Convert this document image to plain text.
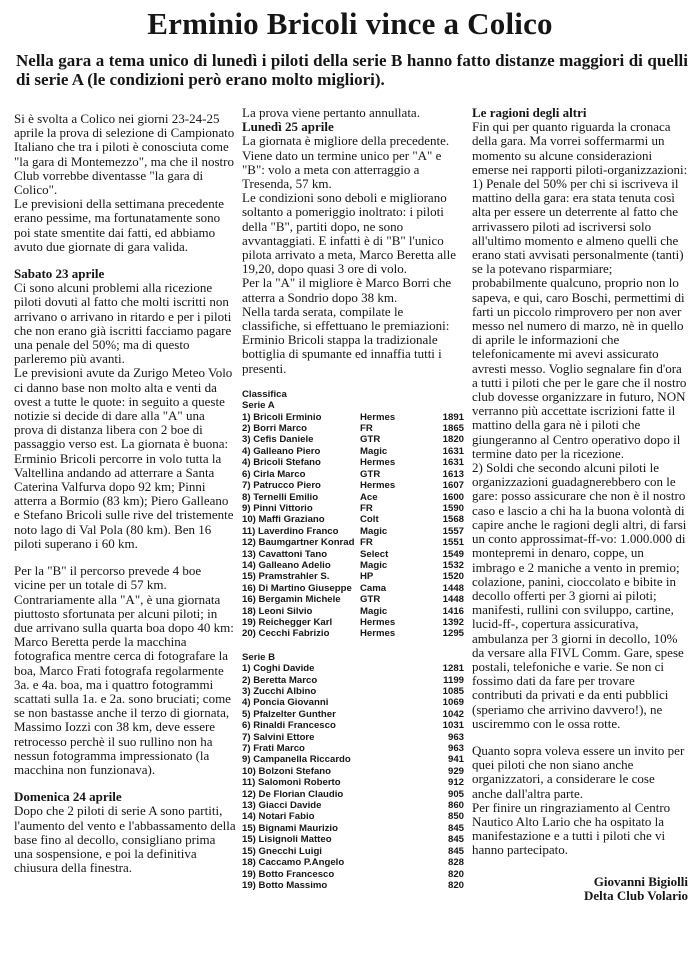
Erminio Bricoli vince a Colico
Nella gara a tema unico di lunedì i piloti della serie B hanno fatto distanze maggiori di quelli di serie A (le condizioni però erano molto migliori).

Si è svolta a Colico nei giorni 23-24-25 aprile la prova di selezione di Campionato Italiano che tra i piloti è conosciuta come "la gara di Montemezzo", ma che il nostro Club vorrebbe diventasse "la gara di Colico".

Le previsioni della settimana precedente erano pessime, ma fortunatamente sono poi state smentite dai fatti, ed abbiamo avuto due giornate di gara valida.

Sabato 23 aprile

Ci sono alcuni problemi alla ricezione piloti dovuti al fatto che molti iscritti non arrivano o arrivano in ritardo e per i piloti che non erano già iscritti facciamo pagare una penale del 50%; ma di questo parleremo più avanti.

Le previsioni avute da Zurigo Meteo Volo ci danno base non molto alta e venti da ovest a tutte le quote: in seguito a queste notizie si decide di dare alla "A" una prova di distanza libera con 2 boe di passaggio verso est. La giornata è buona: Erminio Bricoli percorre in volo tutta la Valtellina andando ad atterrare a Santa Caterina Valfurva dopo 92 km; Pinni atterra a Bormio (83 km); Piero Galleano e Stefano Bricoli sulle rive del tristemente noto lago di Val Pola (80 km). Ben 16 piloti superano i 60 km.

Per la "B" il percorso prevede 4 boe vicine per un totale di 57 km. Contrariamente alla "A", è una giornata piuttosto sfortunata per alcuni piloti; in due arrivano sulla quarta boa dopo 40 km: Marco Beretta perde la macchina fotografica mentre cerca di fotografare la boa, Marco Frati fotografa regolarmente 3a. e 4a. boa, ma i quattro fotogrammi scattati sulla 1a. e 2a. sono bruciati; come se non bastasse anche il terzo di giornata, Massimo Iozzi con 38 km, deve essere retrocesso perchè il suo rullino non ha nessun fotogramma impressionato (la macchina non funzionava).

Domenica 24 aprile

Dopo che 2 piloti di serie A sono partiti, l'aumento del vento e l'abbassamento della base fino al decollo, consigliano prima una sospensione, e poi la definitiva chiusura della finestra.

La prova viene pertanto annullata.

Lunedì 25 aprile

La giornata è migliore della precedente.

Viene dato un termine unico per "A" e "B": volo a meta con atterraggio a Tresenda, 57 km.

Le condizioni sono deboli e migliorano soltanto a pomeriggio inoltrato: i piloti della "B", partiti dopo, ne sono avvantaggiati. E infatti è di "B" l'unico pilota arrivato a meta, Marco Beretta alle 19,20, dopo quasi 3 ore di volo.

Per la "A" il migliore è Marco Borri che atterra a Sondrio dopo 38 km.

Nella tarda serata, compilate le classifiche, si effettuano le premiazioni: Erminio Bricoli stappa la tradizionale bottiglia di spumante ed innaffia tutti i presenti.

Classifica
Serie A
1) Bricoli Erminio	Hermes	1891
2) Borri Marco	FR	1865
3) Cefis Daniele	GTR	1820
4) Galleano Piero	Magic	1631
4) Bricoli Stefano	Hermes	1631
6) Cirla Marco	GTR	1613
7) Patrucco Piero	Hermes	1607
8) Ternelli Emilio	Ace	1600
9) Pinni Vittorio	FR	1590
10) Maffi Graziano	Colt	1568
11) Laverdino Franco	Magic	1557
12) Baumgartner Konrad	FR	1551
13) Cavattoni Tano	Select	1549
14) Galleano Adelio	Magic	1532
15) Pramstrahler S.	HP	1520
16) Di Martino Giuseppe	Cama	1448
16) Bergamin Michele	GTR	1448
18) Leoni Silvio	Magic	1416
19) Reichegger Karl	Hermes	1392
20) Cecchi Fabrizio	Hermes	1295
Serie B
1) Coghi Davide		1281
2) Beretta Marco		1199
3) Zucchi Albino		1085
4) Poncia Giovanni		1069
5) Pfalzelter Gunther		1042
6) Rinaldi Francesco		1031
7) Salvini Ettore		963
7) Frati Marco		963
9) Campanella Riccardo		941
10) Bolzoni Stefano		929
11) Salomoni Roberto		912
12) De Florian Claudio		905
13) Giacci Davide		860
14) Notari Fabio		850
15) Bignami Maurizio		845
15) Lisignoli Matteo		845
15) Gnecchi Luigi		845
18) Caccamo P.Angelo		828
19) Botto Francesco		820
19) Botto Massimo		820

Le ragioni degli altri

Fin qui per quanto riguarda la cronaca della gara. Ma vorrei soffermarmi un momento su alcune considerazioni emerse nei rapporti piloti-organizzazioni:

1) Penale del 50% per chi si iscriveva il mattino della gara: era stata tenuta così alta per essere un deterrente al fatto che arrivassero piloti ad iscriversi solo all'ultimo momento e almeno quelli che erano stati avvisati personalmente (tanti) se la potevano risparmiare; probabilmente qualcuno, proprio non lo sapeva, e qui, caro Boschi, permettimi di farti un piccolo rimprovero per non aver messo nel numero di marzo, nè in quello di aprile le informazioni che telefonicamente mi avevi assicurato avresti messo. Voglio segnalare fin d'ora a tutti i piloti che per le gare che il nostro club dovesse organizzare in futuro, NON verranno più accettate iscrizioni fatte il mattino della gara nè i piloti che giungeranno al Centro operativo dopo il termine dato per la ricezione.

2) Soldi che secondo alcuni piloti le organizzazioni guadagnerebbero con le gare: posso assicurare che non è il nostro caso e lascio a chi ha la buona volontà di capire anche le ragioni degli altri, di farsi un conto approssimat-ff-vo: 1.000.000 di montepremi in denaro, coppe, un imbrago e 2 maniche a vento in premio; colazione, panini, cioccolato e bibite in decollo offerti per 3 giorni ai piloti; manifesti, rullini con sviluppo, cartine, lucid-ff-, copertura assicurativa, ambulanza per 3 giorni in decollo, 10% da versare alla FIVL Comm. Gare, spese postali, telefoniche e varie. Se non ci fossimo dati da fare per trovare contributi da privati e da enti pubblici (speriamo che arrivino davvero!), ne usciremmo con le ossa rotte.

Quanto sopra voleva essere un invito per quei piloti che non siano anche organizzatori, a considerare le cose anche dall'altra parte.

Per finire un ringraziamento al Centro Nautico Alto Lario che ha ospitato la manifestazione e a tutti i piloti che vi hanno partecipato.

Giovanni Bigiolli
Delta Club Volario
